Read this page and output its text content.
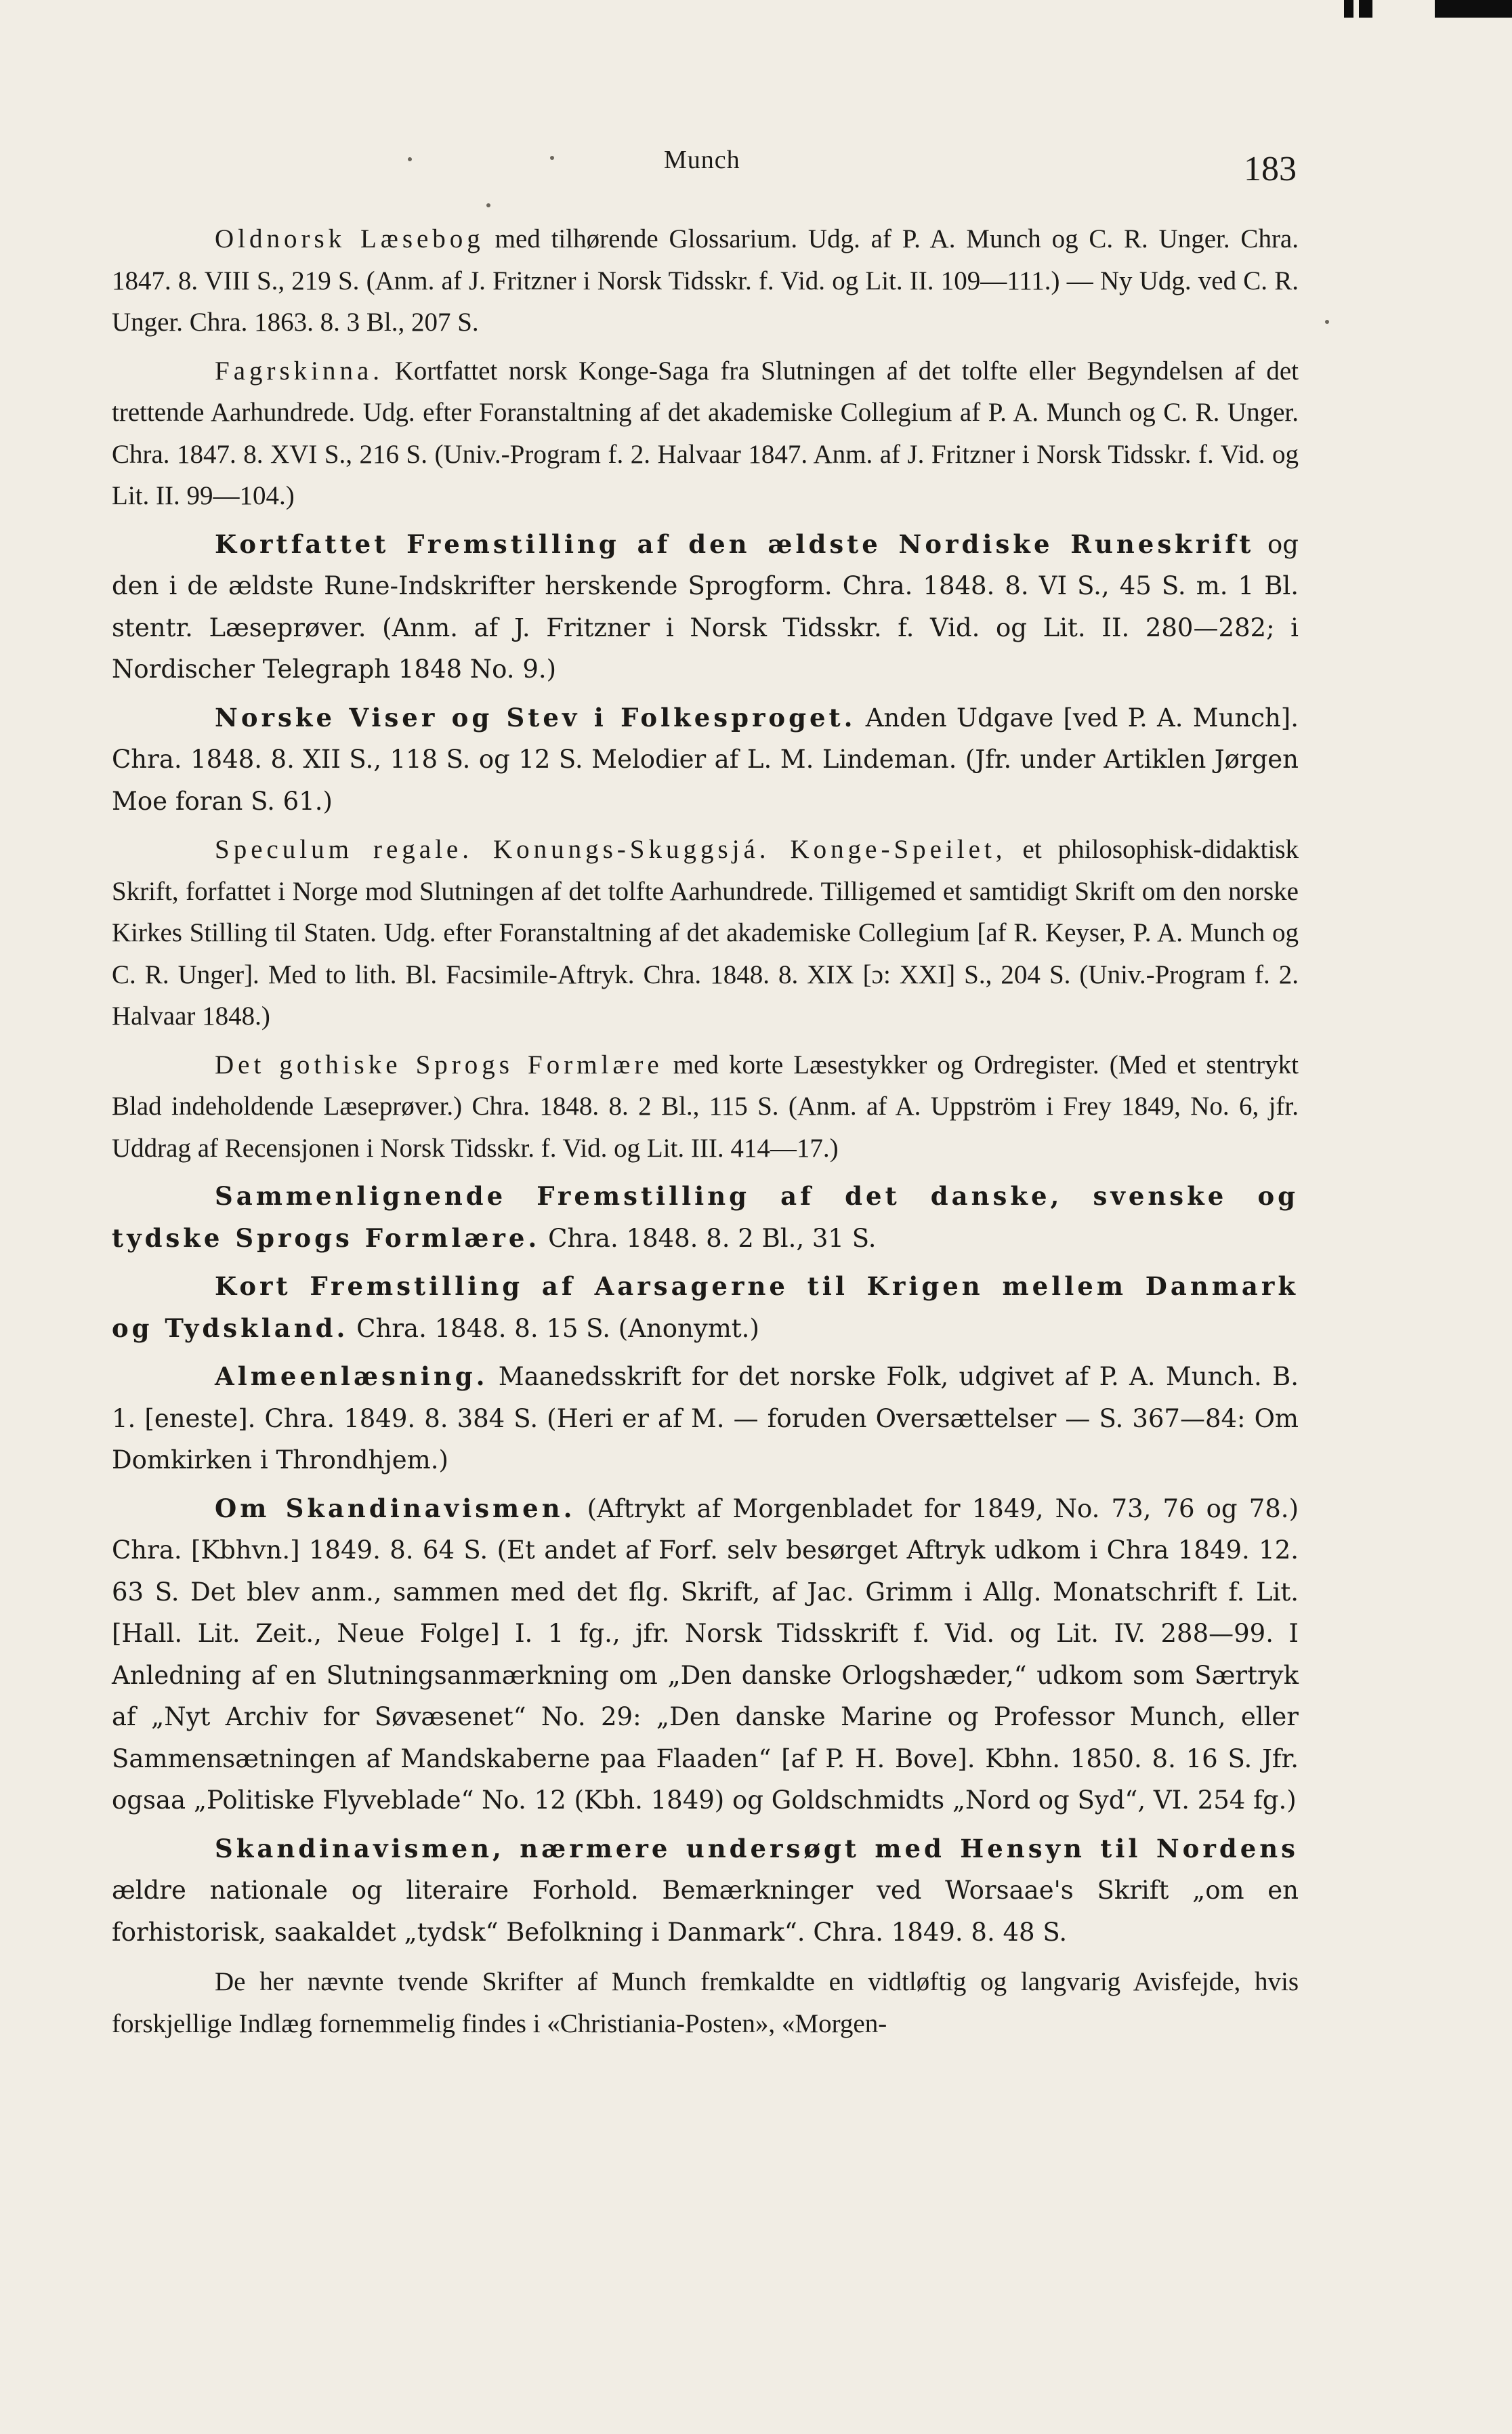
Munch	183

Oldnorsk Læsebog med tilhørende Glossarium. Udg. af P. A. Munch og C. R. Unger. Chra. 1847. 8. VIII S., 219 S. (Anm. af J. Fritzner i Norsk Tidsskr. f. Vid. og Lit. II. 109—111.) — Ny Udg. ved C. R. Unger. Chra. 1863. 8. 3 Bl., 207 S.

Fagrskinna. Kortfattet norsk Konge-Saga fra Slutningen af det tolfte eller Begyndelsen af det trettende Aarhundrede. Udg. efter Foranstaltning af det akademiske Collegium af P. A. Munch og C. R. Unger. Chra. 1847. 8. XVI S., 216 S. (Univ.-Program f. 2. Halvaar 1847. Anm. af J. Fritzner i Norsk Tidsskr. f. Vid. og Lit. II. 99—104.)

Kortfattet Fremstilling af den ældste Nordiske Runeskrift og den i de ældste Rune-Indskrifter herskende Sprogform. Chra. 1848. 8. VI S., 45 S. m. 1 Bl. stentr. Læseprøver. (Anm. af J. Fritzner i Norsk Tidsskr. f. Vid. og Lit. II. 280—282; i Nordischer Telegraph 1848 No. 9.)

Norske Viser og Stev i Folkesproget. Anden Udgave [ved P. A. Munch]. Chra. 1848. 8. XII S., 118 S. og 12 S. Melodier af L. M. Lindeman. (Jfr. under Artiklen Jørgen Moe foran S. 61.)

Speculum regale. Konungs-Skuggsjá. Konge-Speilet, et philosophisk-didaktisk Skrift, forfattet i Norge mod Slutningen af det tolfte Aarhundrede. Tilligemed et samtidigt Skrift om den norske Kirkes Stilling til Staten. Udg. efter Foranstaltning af det akademiske Collegium [af R. Keyser, P. A. Munch og C. R. Unger]. Med to lith. Bl. Facsimile-Aftryk. Chra. 1848. 8. XIX [ɔ: XXI] S., 204 S. (Univ.-Program f. 2. Halvaar 1848.)

Det gothiske Sprogs Formlære med korte Læsestykker og Ordregister. (Med et stentrykt Blad indeholdende Læseprøver.) Chra. 1848. 8. 2 Bl., 115 S. (Anm. af A. Uppström i Frey 1849, No. 6, jfr. Uddrag af Recensjonen i Norsk Tidsskr. f. Vid. og Lit. III. 414—17.)

Sammenlignende Fremstilling af det danske, svenske og tydske Sprogs Formlære. Chra. 1848. 8. 2 Bl., 31 S.

Kort Fremstilling af Aarsagerne til Krigen mellem Danmark og Tydskland. Chra. 1848. 8. 15 S. (Anonymt.)

Almeenlæsning. Maanedsskrift for det norske Folk, udgivet af P. A. Munch. B. 1. [eneste]. Chra. 1849. 8. 384 S. (Heri er af M. — foruden Oversættelser — S. 367—84: Om Domkirken i Throndhjem.)

Om Skandinavismen. (Aftrykt af Morgenbladet for 1849, No. 73, 76 og 78.) Chra. [Kbhvn.] 1849. 8. 64 S. (Et andet af Forf. selv besørget Aftryk udkom i Chra 1849. 12. 63 S. Det blev anm., sammen med det flg. Skrift, af Jac. Grimm i Allg. Monatschrift f. Lit. [Hall. Lit. Zeit., Neue Folge] I. 1 fg., jfr. Norsk Tidsskrift f. Vid. og Lit. IV. 288—99. I Anledning af en Slutningsanmærkning om „Den danske Orlogshæder,“ udkom som Særtryk af „Nyt Archiv for Søvæsenet“ No. 29: „Den danske Marine og Professor Munch, eller Sammensætningen af Mandskaberne paa Flaaden“ [af P. H. Bove]. Kbhn. 1850. 8. 16 S. Jfr. ogsaa „Politiske Flyveblade“ No. 12 (Kbh. 1849) og Goldschmidts „Nord og Syd“, VI. 254 fg.)

Skandinavismen, nærmere undersøgt med Hensyn til Nordens ældre nationale og literaire Forhold. Bemærkninger ved Worsaae's Skrift „om en forhistorisk, saakaldet „tydsk“ Befolkning i Danmark“. Chra. 1849. 8. 48 S.

De her nævnte tvende Skrifter af Munch fremkaldte en vidtløftig og langvarig Avisfejde, hvis forskjellige Indlæg fornemmelig findes i «Christiania-Posten», «Morgen-
